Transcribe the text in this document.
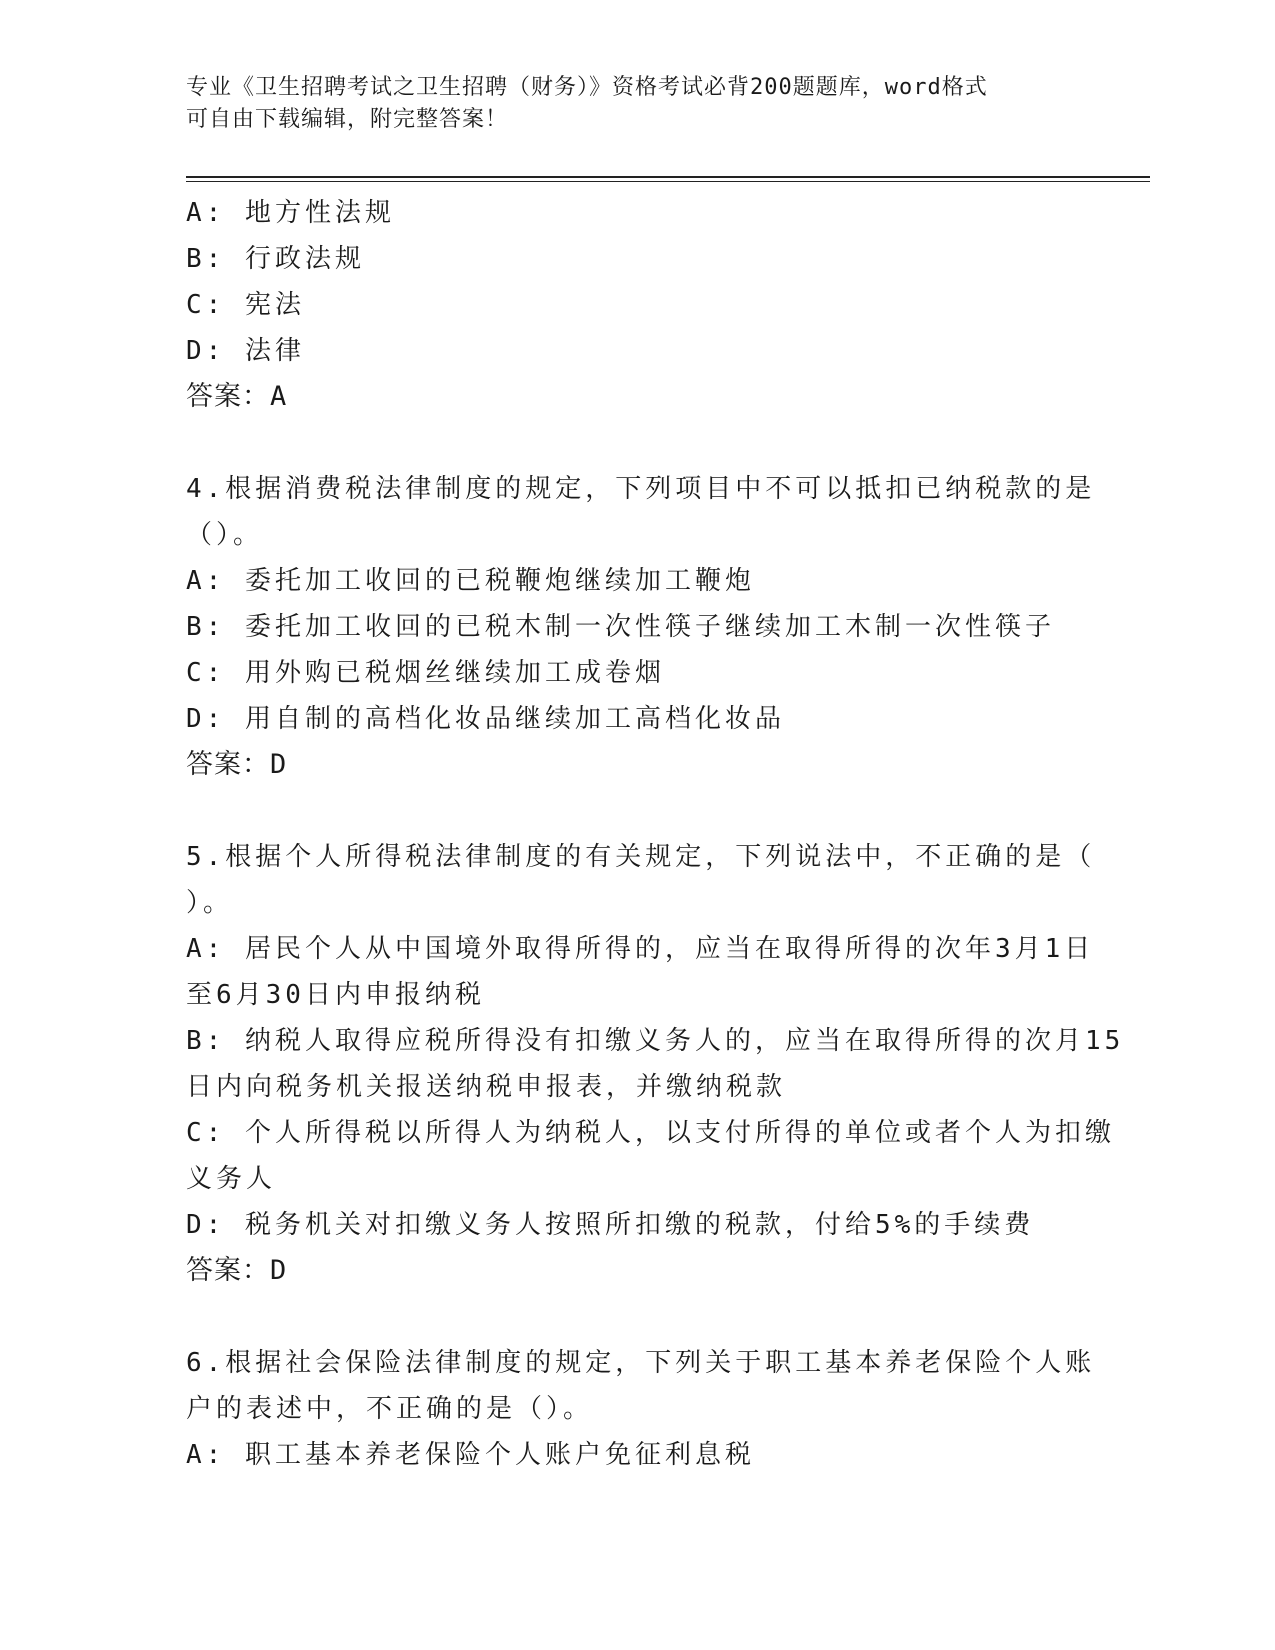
专业《卫生招聘考试之卫生招聘（财务）》资格考试必背200题题库，word格式
可自由下载编辑，附完整答案！
A: 地方性法规
B: 行政法规
C: 宪法
D: 法律
答案：A
4.根据消费税法律制度的规定，下列项目中不可以抵扣已纳税款的是
（）。
A: 委托加工收回的已税鞭炮继续加工鞭炮
B: 委托加工收回的已税木制一次性筷子继续加工木制一次性筷子
C: 用外购已税烟丝继续加工成卷烟
D: 用自制的高档化妆品继续加工高档化妆品
答案：D
5.根据个人所得税法律制度的有关规定，下列说法中，不正确的是（
）。
A: 居民个人从中国境外取得所得的，应当在取得所得的次年3月1日
至6月30日内申报纳税
B: 纳税人取得应税所得没有扣缴义务人的，应当在取得所得的次月15
日内向税务机关报送纳税申报表，并缴纳税款
C: 个人所得税以所得人为纳税人，以支付所得的单位或者个人为扣缴
义务人
D: 税务机关对扣缴义务人按照所扣缴的税款，付给5%的手续费
答案：D
6.根据社会保险法律制度的规定，下列关于职工基本养老保险个人账
户的表述中，不正确的是（）。
A: 职工基本养老保险个人账户免征利息税
